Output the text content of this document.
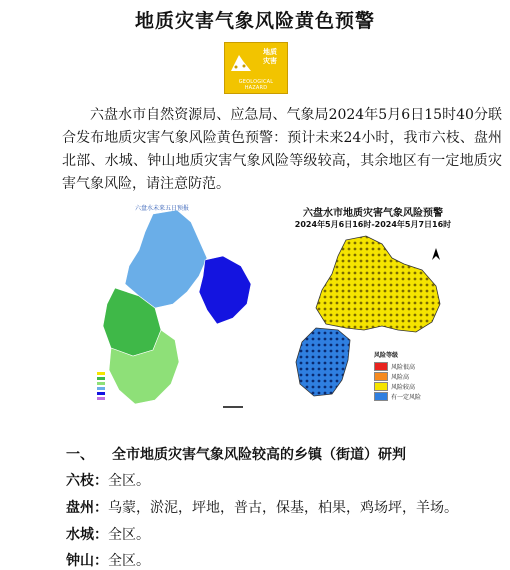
地质灾害气象风险黄色预警
地质
灾害
GEOLOGICAL HAZARD
六盘水市自然资源局、应急局、气象局2024年5月6日15时40分联合发布地质灾害气象风险黄色预警：预计未来24小时，我市六枝、盘州北部、水城、钟山地质灾害气象风险等级较高，其余地区有一定地质灾害气象风险，请注意防范。
六盘水未来五日预报	六盘水市地质灾害气象风险预警
2024年5月6日16时-2024年5月7日16时
风险等级
风险很高
风险高
风险较高
有一定风险
一、 全市地质灾害气象风险较高的乡镇（街道）研判
六枝：全区。
盘州：乌蒙，淤泥，坪地，普古，保基，柏果，鸡场坪，羊场。
水城：全区。
钟山：全区。
